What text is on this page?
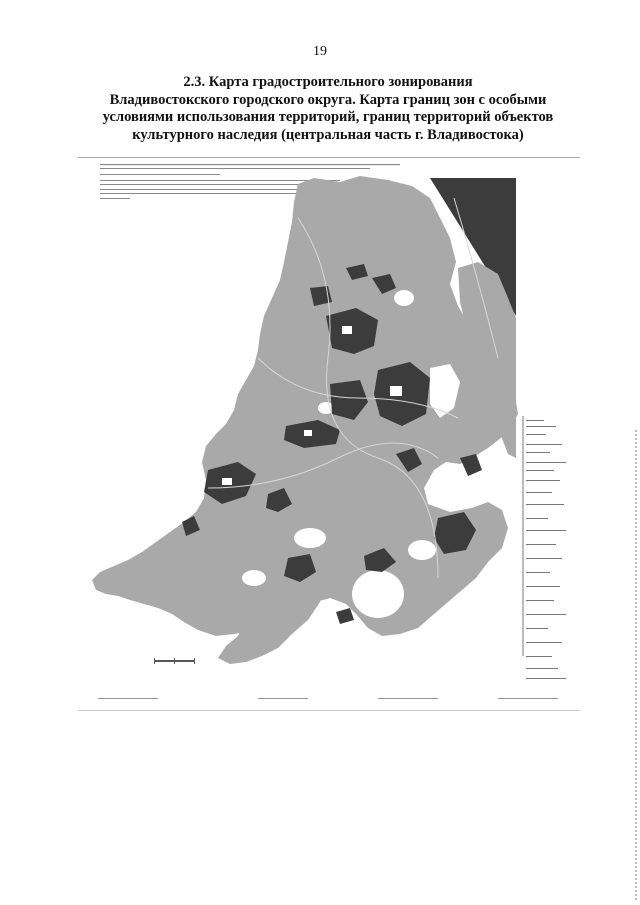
19
2.3. Карта градостроительного зонирования
Владивостокского городского округа. Карта границ зон с особыми
условиями использования территорий, границ территорий объектов
культурного наследия (центральная часть г. Владивостока)
